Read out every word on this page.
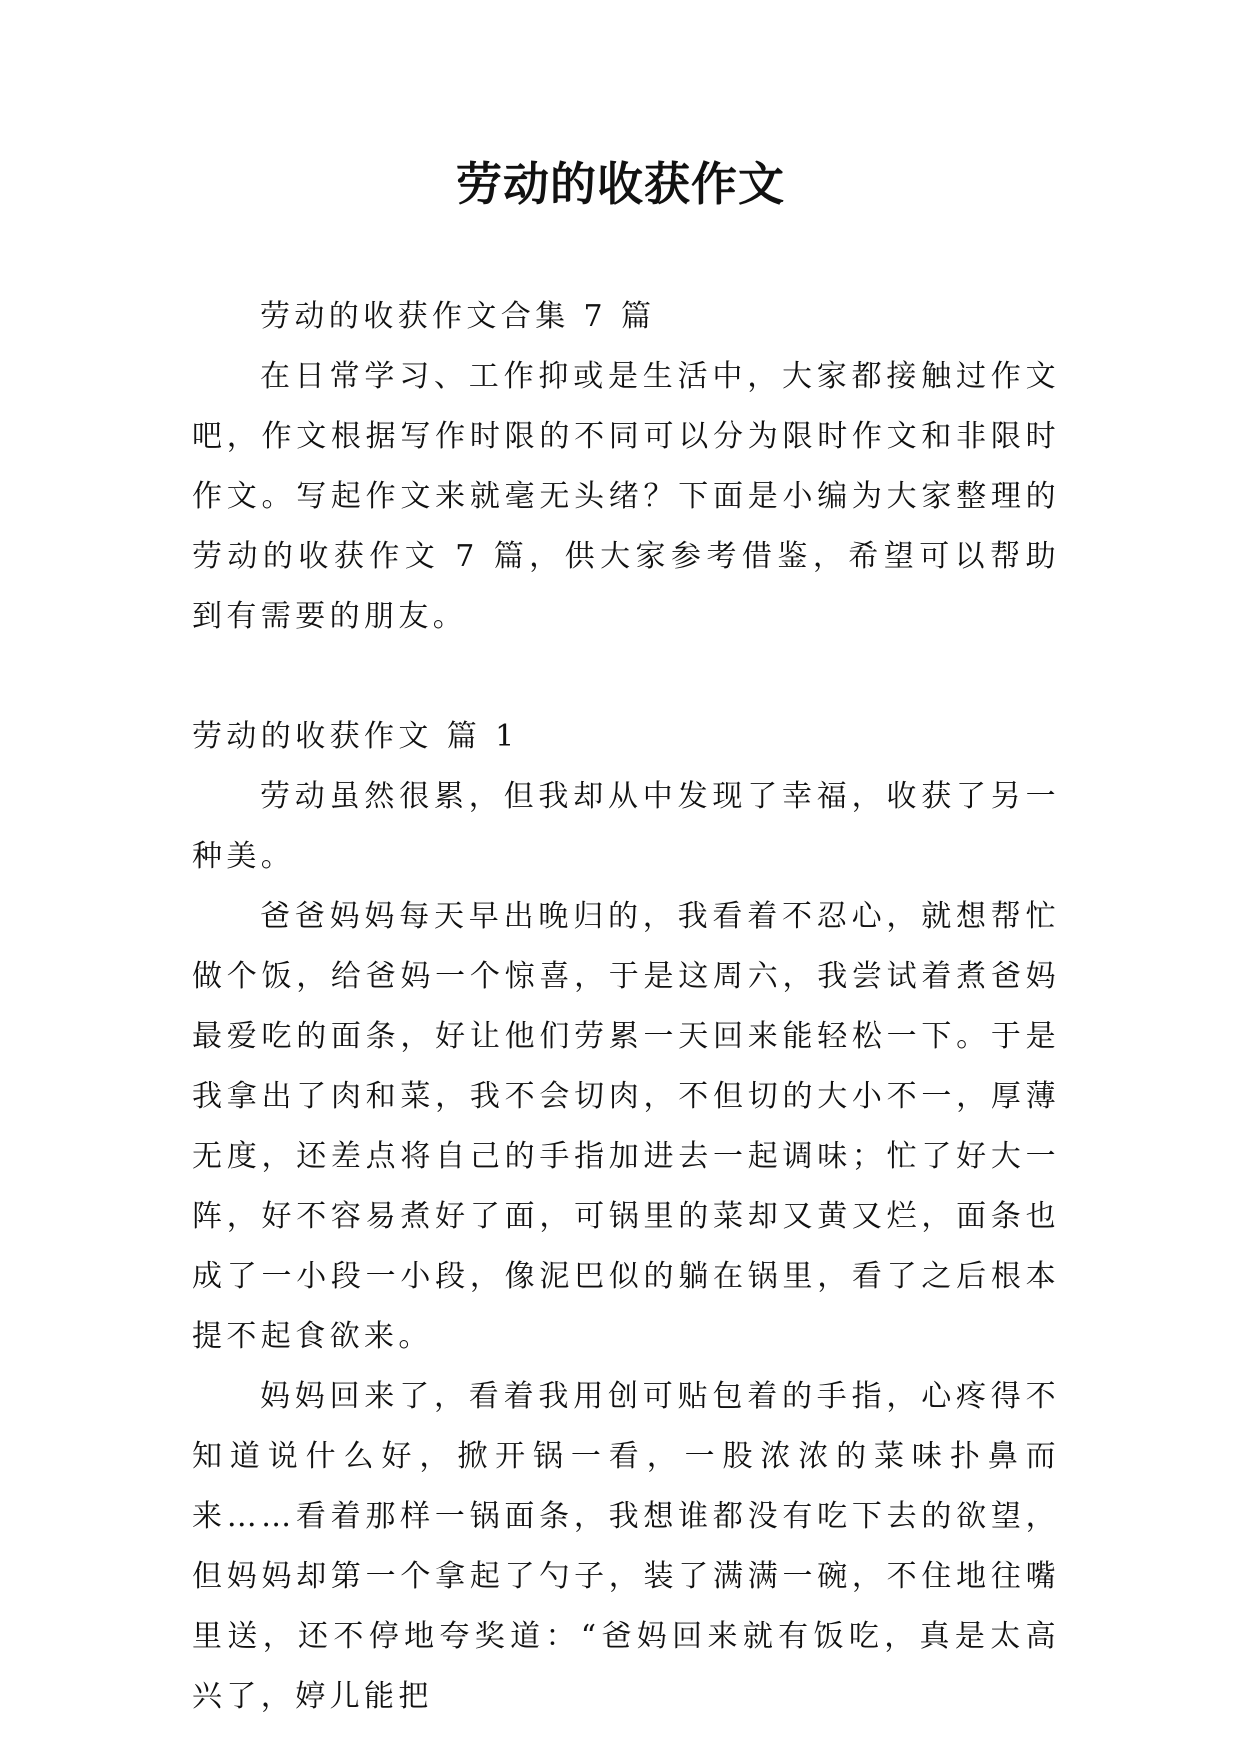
劳动的收获作文

劳动的收获作文合集 7 篇

在日常学习、工作抑或是生活中，大家都接触过作文吧，作文根据写作时限的不同可以分为限时作文和非限时作文。写起作文来就毫无头绪？下面是小编为大家整理的劳动的收获作文 7 篇，供大家参考借鉴，希望可以帮助到有需要的朋友。

劳动的收获作文 篇 1

劳动虽然很累，但我却从中发现了幸福，收获了另一种美。

爸爸妈妈每天早出晚归的，我看着不忍心，就想帮忙做个饭，给爸妈一个惊喜，于是这周六，我尝试着煮爸妈最爱吃的面条，好让他们劳累一天回来能轻松一下。于是我拿出了肉和菜，我不会切肉，不但切的大小不一，厚薄无度，还差点将自己的手指加进去一起调味；忙了好大一阵，好不容易煮好了面，可锅里的菜却又黄又烂，面条也成了一小段一小段，像泥巴似的躺在锅里，看了之后根本提不起食欲来。

妈妈回来了，看着我用创可贴包着的手指，心疼得不知道说什么好，掀开锅一看，一股浓浓的菜味扑鼻而来……看着那样一锅面条，我想谁都没有吃下去的欲望，但妈妈却第一个拿起了勺子，装了满满一碗，不住地往嘴里送，还不停地夸奖道：“爸妈回来就有饭吃，真是太高兴了，婷儿能把
